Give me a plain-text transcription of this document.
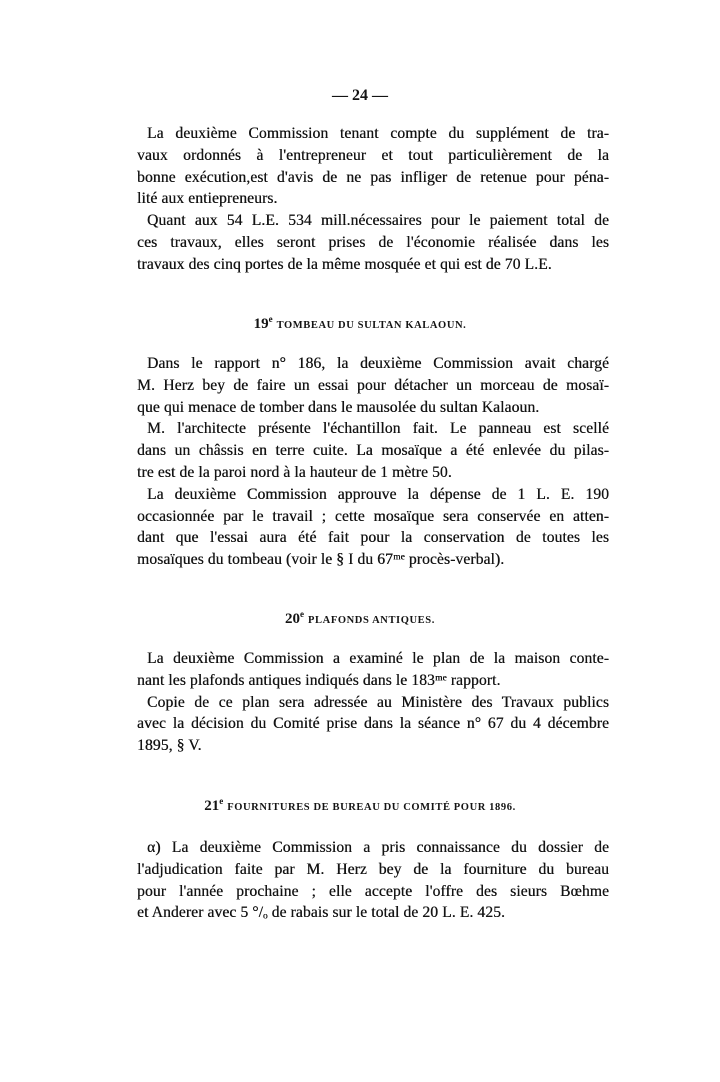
— 24 —
La deuxième Commission tenant compte du supplément de tra-
vaux ordonnés à l'entrepreneur et tout particulièrement de la
bonne exécution,est d'avis de ne pas infliger de retenue pour péna-
lité aux entiepreneurs.
Quant aux 54 L.E. 534 mill.nécessaires pour le paiement total de
ces travaux, elles seront prises de l'économie réalisée dans les
travaux des cinq portes de la même mosquée et qui est de 70 L.E.
19eTOMBEAU DU SULTAN KALAOUN.
Dans le rapport n° 186, la deuxième Commission avait chargé
M. Herz bey de faire un essai pour détacher un morceau de mosaï-
que qui menace de tomber dans le mausolée du sultan Kalaoun.
M. l'architecte présente l'échantillon fait. Le panneau est scellé
dans un châssis en terre cuite. La mosaïque a été enlevée du pilas-
tre est de la paroi nord à la hauteur de 1 mètre 50.
La deuxième Commission approuve la dépense de 1 L. E. 190
occasionnée par le travail ; cette mosaïque sera conservée en atten-
dant que l'essai aura été fait pour la conservation de toutes les
mosaïques du tombeau (voir le § I du 67ᵐᵉ procès-verbal).
20ePLAFONDS ANTIQUES.
La deuxième Commission a examiné le plan de la maison conte-
nant les plafonds antiques indiqués dans le 183ᵐᵉ rapport.
Copie de ce plan sera adressée au Ministère des Travaux publics
avec la décision du Comité prise dans la séance n° 67 du 4 décembre
1895, § V.
21eFOURNITURES DE BUREAU DU COMITÉ POUR 1896.
α) La deuxième Commission a pris connaissance du dossier de
l'adjudication faite par M. Herz bey de la fourniture du bureau
pour l'année prochaine ; elle accepte l'offre des sieurs Bœhme
et Anderer avec 5 °/ₒ de rabais sur le total de 20 L. E. 425.
